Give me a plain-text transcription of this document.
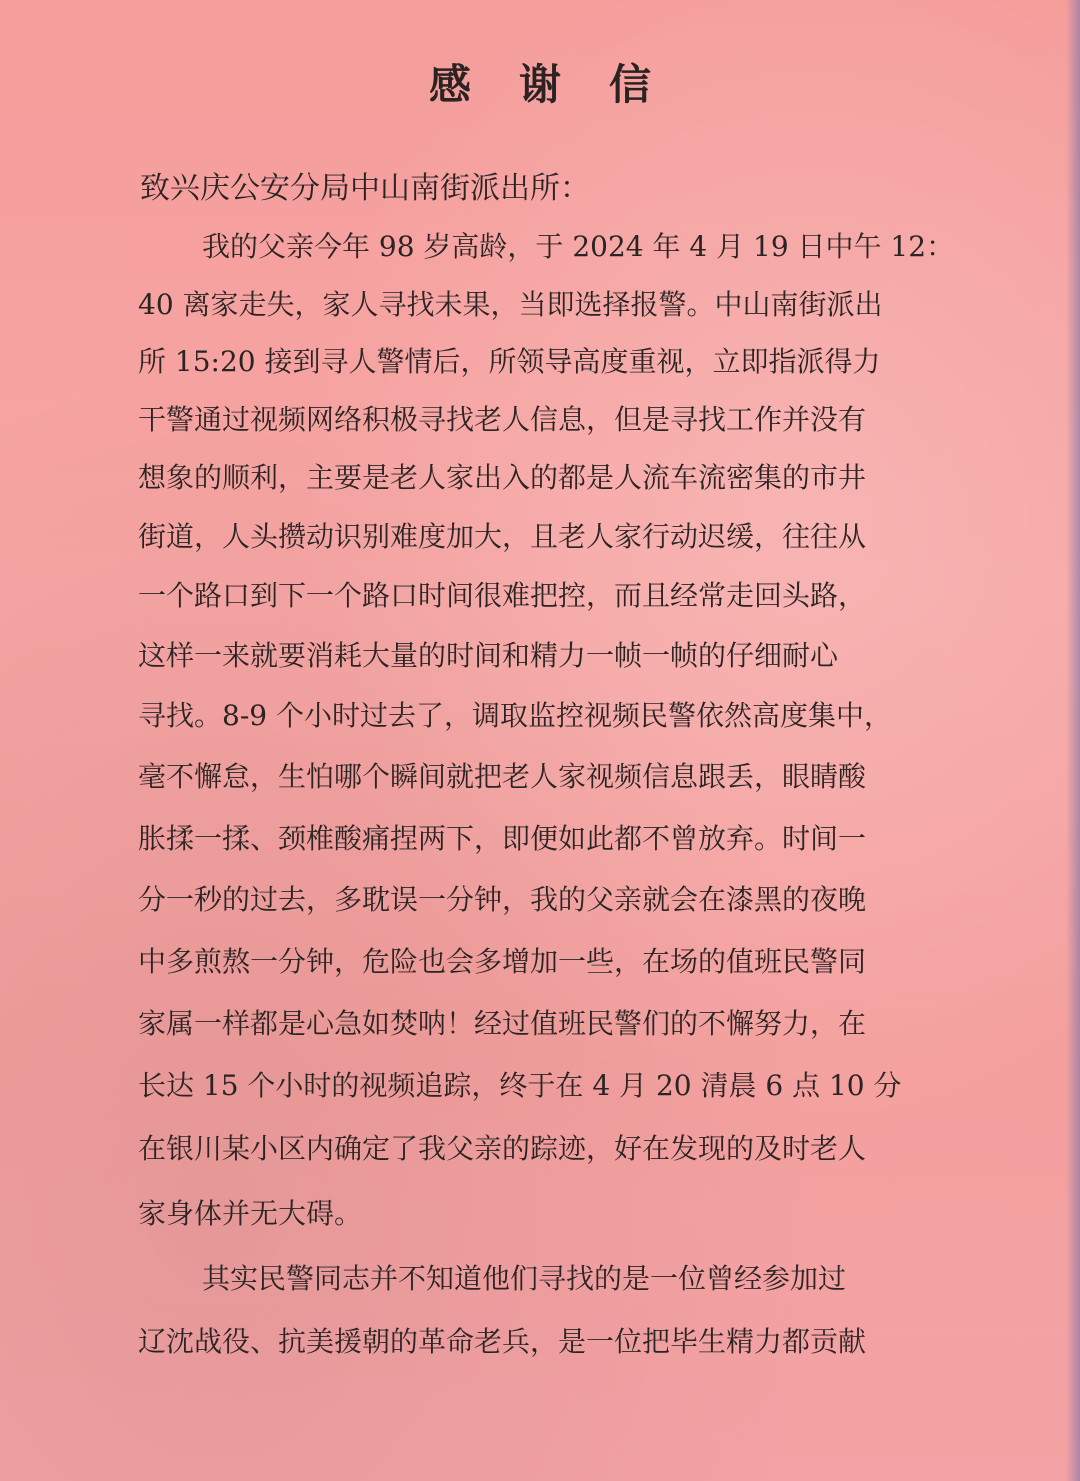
感谢信
致兴庆公安分局中山南街派出所：
我的父亲今年 98 岁高龄，于 2024 年 4 月 19 日中午 12：
40 离家走失，家人寻找未果，当即选择报警。中山南街派出
所 15:20 接到寻人警情后，所领导高度重视，立即指派得力
干警通过视频网络积极寻找老人信息，但是寻找工作并没有
想象的顺利，主要是老人家出入的都是人流车流密集的市井
街道，人头攒动识别难度加大，且老人家行动迟缓，往往从
一个路口到下一个路口时间很难把控，而且经常走回头路，
这样一来就要消耗大量的时间和精力一帧一帧的仔细耐心
寻找。8-9 个小时过去了，调取监控视频民警依然高度集中，
毫不懈怠，生怕哪个瞬间就把老人家视频信息跟丢，眼睛酸
胀揉一揉、颈椎酸痛捏两下，即便如此都不曾放弃。时间一
分一秒的过去，多耽误一分钟，我的父亲就会在漆黑的夜晚
中多煎熬一分钟，危险也会多增加一些，在场的值班民警同
家属一样都是心急如焚呐！经过值班民警们的不懈努力，在
长达 15 个小时的视频追踪，终于在 4 月 20 清晨 6 点 10 分
在银川某小区内确定了我父亲的踪迹，好在发现的及时老人
家身体并无大碍。
其实民警同志并不知道他们寻找的是一位曾经参加过
辽沈战役、抗美援朝的革命老兵，是一位把毕生精力都贡献
